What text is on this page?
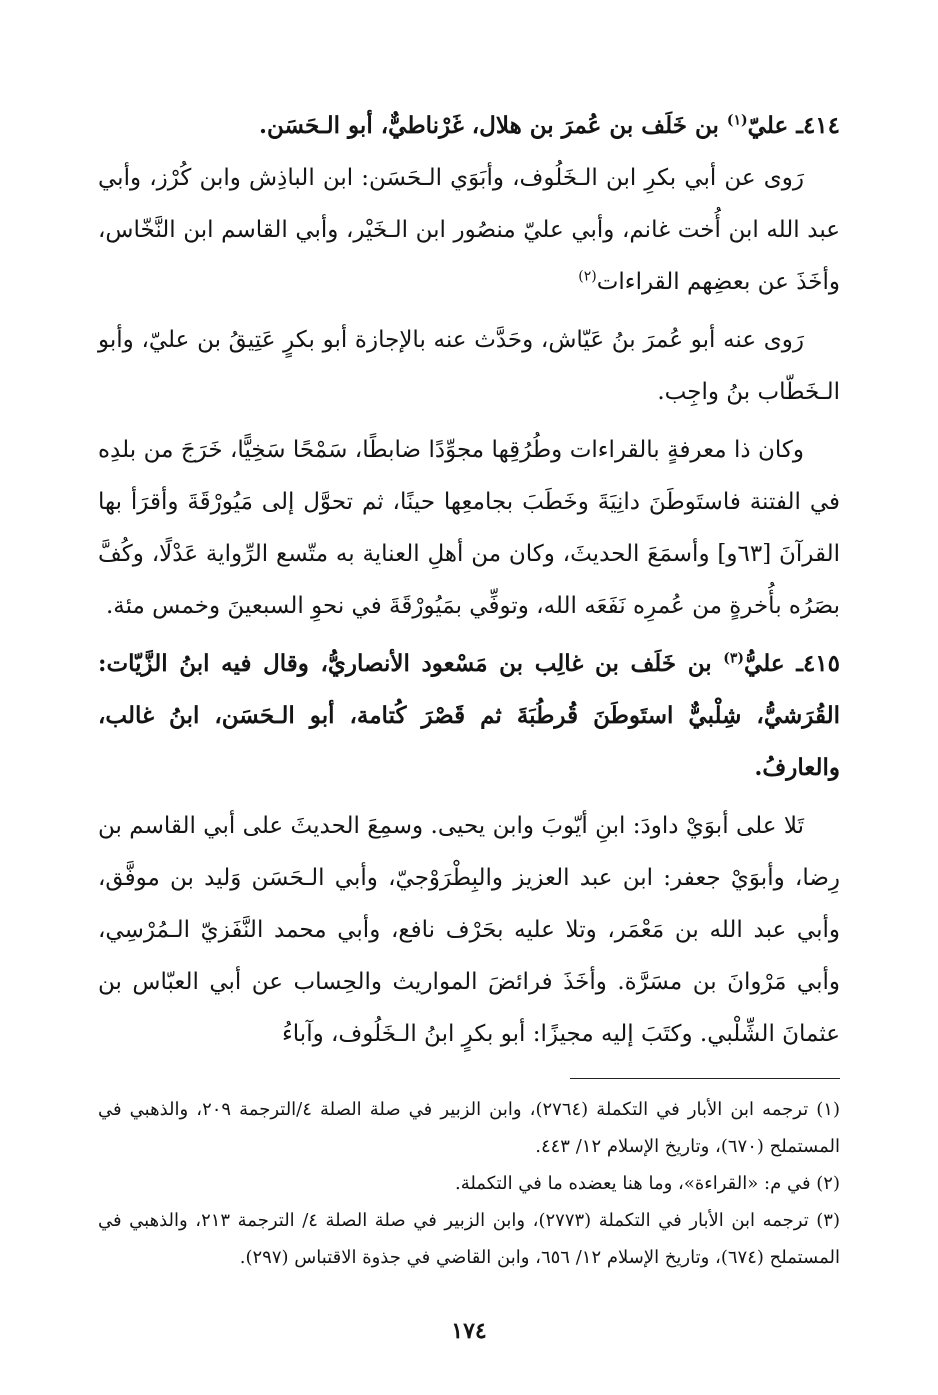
٤١٤ـ عليّ$^{(١)}$ بن خَلَف بن عُمرَ بن هلال، غَرْناطيٌّ، أبو الـحَسَن.

رَوى عن أبي بكرِ ابن الـخَلُوف، وأبَوَي الـحَسَن: ابن الباذِش وابن كُرْز، وأبي عبد الله ابن أُخت غانم، وأبي عليّ منصُور ابن الـخَيْر، وأبي القاسم ابن النَّخّاس، وأخَذَ عن بعضِهم القراءات$^{(٢)}$

رَوى عنه أبو عُمرَ بنُ عَيّاش، وحَدَّث عنه بالإجازة أبو بكرٍ عَتِيقُ بن عليّ، وأبو الـخَطّاب بنُ واجِب.

وكان ذا معرفةٍ بالقراءات وطُرُقِها مجوِّدًا ضابطًا، سَمْحًا سَخِيًّا، خَرَجَ من بلدِه في الفتنة فاستَوطَنَ دانِيَةَ وخَطَبَ بجامعِها حينًا، ثم تحوَّل إلى مَيُورْقَةَ وأقرَأ بها القرآنَ [٦٣و] وأسمَعَ الحديثَ، وكان من أهلِ العناية به متّسع الرِّواية عَدْلًا، وكُفَّ بصَرُه بأُخرةٍ من عُمرِه نَفَعَه الله، وتوفِّي بمَيُورْقَةَ في نحوِ السبعينَ وخمس مئة.

٤١٥ـ عليُّ$^{(٣)}$ بن خَلَف بن غالِب بن مَسْعود الأنصاريُّ، وقال فيه ابنُ الزَّيّات: القُرَشيُّ، شِلْبيٌّ استَوطَنَ قُرطُبَةَ ثم قَصْرَ كُتامة، أبو الـحَسَن، ابنُ غالب، والعارفُ.

تَلا على أبوَيْ داودَ: ابنِ أيّوبَ وابن يحيى. وسمِعَ الحديثَ على أبي القاسم بن رِضا، وأبوَيْ جعفر: ابن عبد العزيز والبِطْرَوْجيّ، وأبي الـحَسَن وَليد بن موفَّق، وأبي عبد الله بن مَعْمَر، وتلا عليه بحَرْف نافع، وأبي محمد النَّفَزيّ الـمُرْسِي، وأبي مَرْوانَ بن مسَرَّة. وأخَذَ فرائضَ المواريث والحِساب عن أبي العبّاس بن عثمانَ الشِّلْبي. وكتَبَ إليه مجيزًا: أبو بكرٍ ابنُ الـخَلُوف، وآباءُ

(١) ترجمه ابن الأبار في التكملة (٢٧٦٤)، وابن الزبير في صلة الصلة ٤/الترجمة ٢٠٩، والذهبي في المستملح (٦٧٠)، وتاريخ الإسلام ١٢/ ٤٤٣.

(٢) في م: «القراءة»، وما هنا يعضده ما في التكملة.

(٣) ترجمه ابن الأبار في التكملة (٢٧٧٣)، وابن الزبير في صلة الصلة ٤/ الترجمة ٢١٣، والذهبي في المستملح (٦٧٤)، وتاريخ الإسلام ١٢/ ٦٥٦، وابن القاضي في جذوة الاقتباس (٢٩٧).

١٧٤
